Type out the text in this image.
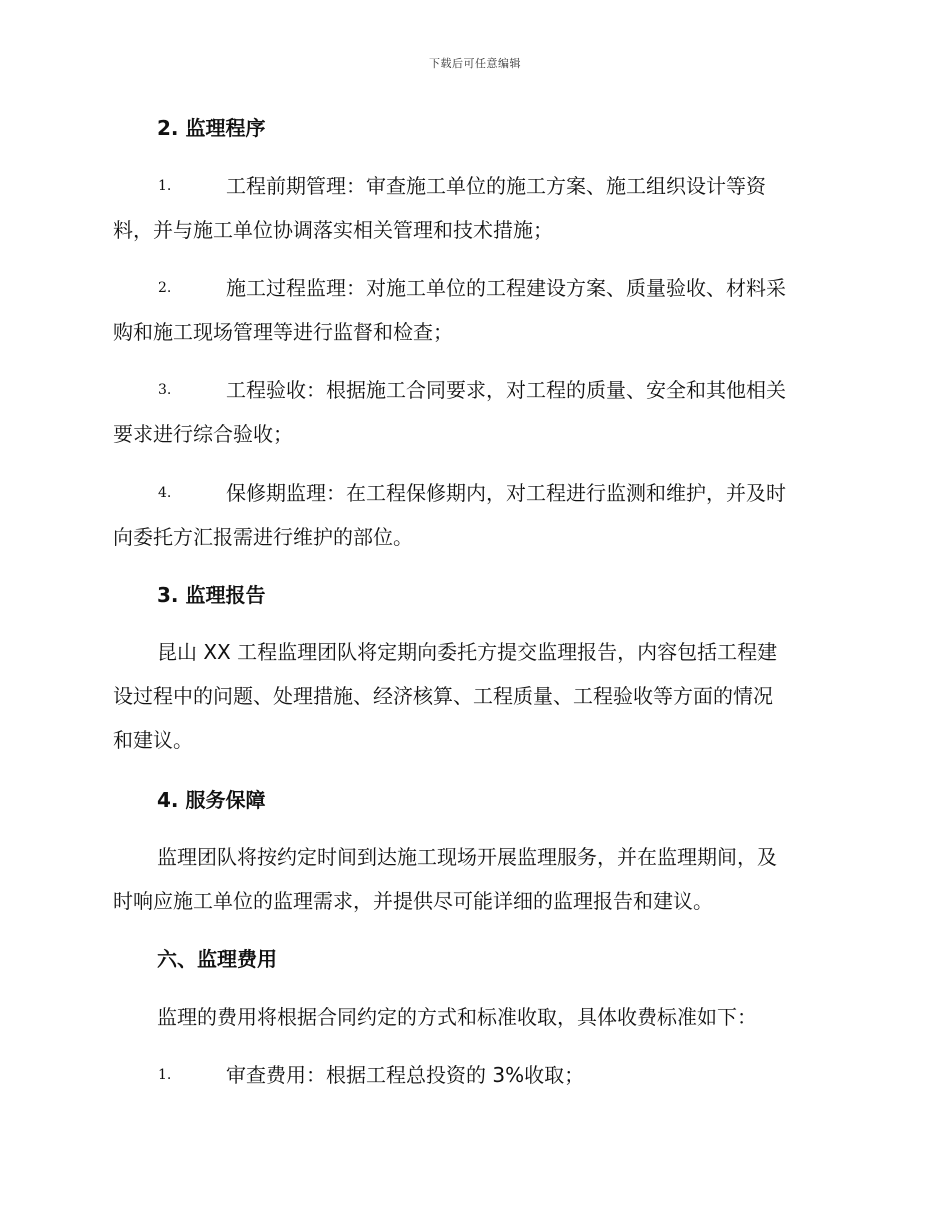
下载后可任意编辑
2. 监理程序
1.	工程前期管理：审查施工单位的施工方案、施工组织设计等资
料，并与施工单位协调落实相关管理和技术措施；
2.	施工过程监理：对施工单位的工程建设方案、质量验收、材料采
购和施工现场管理等进行监督和检查；
3.	工程验收：根据施工合同要求，对工程的质量、安全和其他相关
要求进行综合验收；
4.	保修期监理：在工程保修期内，对工程进行监测和维护，并及时
向委托方汇报需进行维护的部位。
3. 监理报告
昆山 XX 工程监理团队将定期向委托方提交监理报告，内容包括工程建
设过程中的问题、处理措施、经济核算、工程质量、工程验收等方面的情况
和建议。
4. 服务保障
监理团队将按约定时间到达施工现场开展监理服务，并在监理期间，及
时响应施工单位的监理需求，并提供尽可能详细的监理报告和建议。
六、监理费用
监理的费用将根据合同约定的方式和标准收取，具体收费标准如下：
1.	审查费用：根据工程总投资的 3%收取；
